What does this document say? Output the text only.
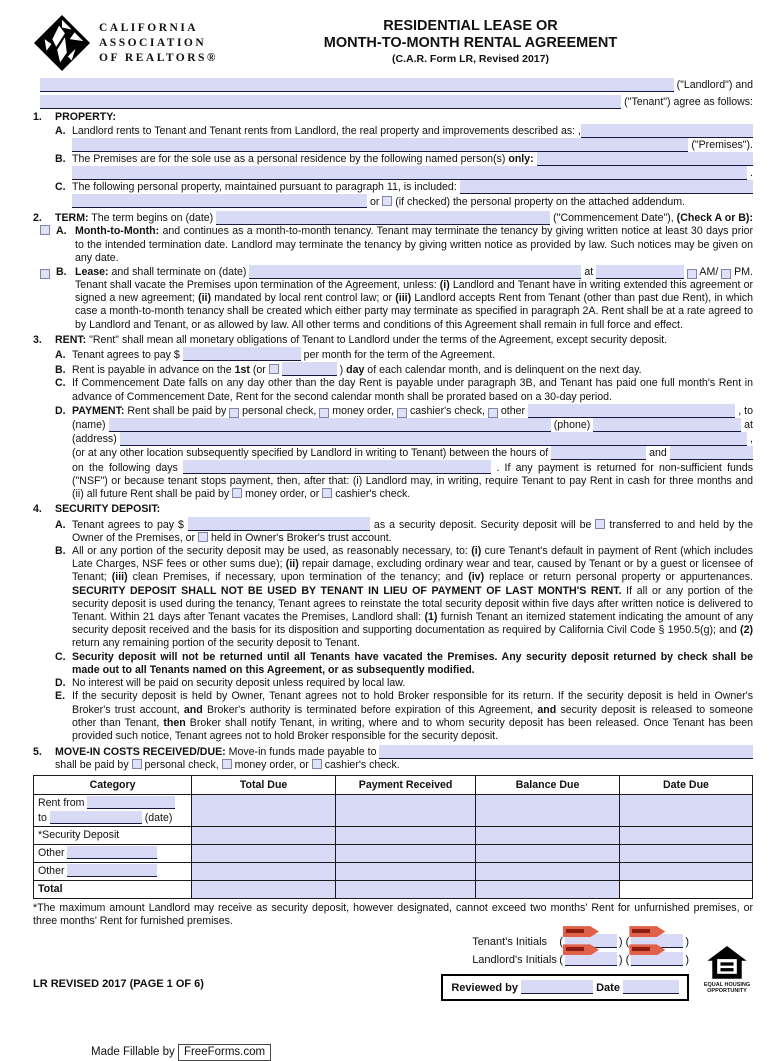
CALIFORNIA
ASSOCIATION
OF REALTORS®
RESIDENTIAL LEASE OR
MONTH-TO-MONTH RENTAL AGREEMENT
(C.A.R. Form LR, Revised 2017)
("Landlord") and
("Tenant") agree as follows:
1. PROPERTY:
A. Landlord rents to Tenant and Tenant rents from Landlord, the real property and improvements described as: ,
("Premises").
B. The Premises are for the sole use as a personal residence by the following named person(s) only:

.
C. The following personal property, maintained pursuant to paragraph 11, is included:
or  (if checked) the personal property on the attached addendum.
2.	TERM: The term begins on (date)	("Commencement Date"), (Check A or B):
A. Month-to-Month: and continues as a month-to-month tenancy. Tenant may terminate the tenancy by giving written notice at least 30 days prior to the intended termination date. Landlord may terminate the tenancy by giving written notice as provided by law. Such notices may be given on any date.
B. Lease: and shall terminate on (date)	at
	AM/ PM.
Tenant shall vacate the Premises upon termination of the Agreement, unless: (i) Landlord and Tenant have in writing extended this agreement or signed a new agreement; (ii) mandated by local rent control law; or (iii) Landlord accepts Rent from Tenant (other than past due Rent), in which case a month-to-month tenancy shall be created which either party may terminate as specified in paragraph 2A. Rent shall be at a rate agreed to by Landlord and Tenant, or as allowed by law. All other terms and conditions of this Agreement shall remain in full force and effect.
3. RENT: "Rent" shall mean all monetary obligations of Tenant to Landlord under the terms of the Agreement, except security deposit.
A. Tenant agrees to pay $	per month for the term of the Agreement.
B. Rent is payable in advance on the 1st (or	) day of each calendar month, and is delinquent on the next day.
C. If Commencement Date falls on any day other than the day Rent is payable under paragraph 3B, and Tenant has paid one full month's Rent in advance of Commencement Date, Rent for the second calendar month shall be prorated based on a 30-day period.
D. PAYMENT: Rent shall be paid by personal check, money order, cashier's check, other	, to
(name)	(phone)	at
(address)	,
(or at any other location subsequently specified by Landlord in writing to Tenant) between the hours of	and
on the following days	. If any payment is returned for non-sufficient funds ("NSF") or because tenant stops payment, then, after that: (i) Landlord may, in writing, require Tenant to pay Rent in cash for three months and (ii) all future Rent shall be paid by  money order, or  cashier's check.
4. SECURITY DEPOSIT:
A. Tenant agrees to pay $	as a security deposit. Security deposit will be  transferred to and held by the Owner of the Premises, or  held in Owner's Broker's trust account.
B. All or any portion of the security deposit may be used, as reasonably necessary, to: (i) cure Tenant's default in payment of Rent (which includes Late Charges, NSF fees or other sums due); (ii) repair damage, excluding ordinary wear and tear, caused by Tenant or by a guest or licensee of Tenant; (iii) clean Premises, if necessary, upon termination of the tenancy; and (iv) replace or return personal property or appurtenances. SECURITY DEPOSIT SHALL NOT BE USED BY TENANT IN LIEU OF PAYMENT OF LAST MONTH'S RENT. If all or any portion of the security deposit is used during the tenancy, Tenant agrees to reinstate the total security deposit within five days after written notice is delivered to Tenant. Within 21 days after Tenant vacates the Premises, Landlord shall: (1) furnish Tenant an itemized statement indicating the amount of any security deposit received and the basis for its disposition and supporting documentation as required by California Civil Code § 1950.5(g); and (2) return any remaining portion of the security deposit to Tenant.
C. Security deposit will not be returned until all Tenants have vacated the Premises. Any security deposit returned by check shall be made out to all Tenants named on this Agreement, or as subsequently modified.
D. No interest will be paid on security deposit unless required by local law.
E. If the security deposit is held by Owner, Tenant agrees not to hold Broker responsible for its return. If the security deposit is held in Owner's Broker's trust account, and Broker's authority is terminated before expiration of this Agreement, and security deposit is released to someone other than Tenant, then Broker shall notify Tenant, in writing, where and to whom security deposit has been released. Once Tenant has been provided such notice, Tenant agrees not to hold Broker responsible for the security deposit.
5.	MOVE-IN COSTS RECEIVED/DUE: Move-in funds made payable to
shall be paid by  personal check,  money order, or  cashier's check.
Category	Total Due	Payment Received	Balance Due	Date Due
Rent from
to (date)				
*Security Deposit				
Other				
Other				
Total				
*The maximum amount Landlord may receive as security deposit, however designated, cannot exceed two months' Rent for unfurnished premises, or three months' Rent for furnished premises.
LR REVISED 2017 (PAGE 1 OF 6)
Tenant's Initials (	) (	)
Landlord's Initials (	) (	)
Reviewed by	Date	EQUAL HOUSING
OPPORTUNITY
Made Fillable by FreeForms.com
